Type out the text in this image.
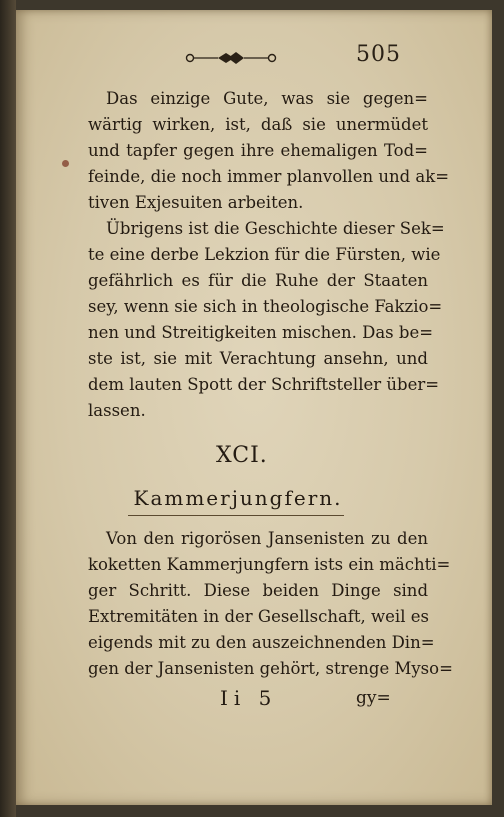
505
Das einzige Gute, was sie gegen=
wärtig wirken, ist, daß sie unermüdet
und tapfer gegen ihre ehemaligen Tod=
feinde, die noch immer planvollen und ak=
tiven Exjesuiten arbeiten.
Übrigens ist die Geschichte dieser Sek=
te eine derbe Lekzion für die Fürsten, wie
gefährlich es für die Ruhe der Staaten
sey, wenn sie sich in theologische Fakzio=
nen und Streitigkeiten mischen. Das be=
ste ist, sie mit Verachtung ansehn, und
dem lauten Spott der Schriftsteller über=
lassen.
XCI.
Kammerjungfern.
Von den rigorösen Jansenisten zu den
koketten Kammerjungfern ists ein mächti=
ger Schritt. Diese beiden Dinge sind
Extremitäten in der Gesellschaft, weil es
eigends mit zu den auszeichnenden Din=
gen der Jansenisten gehört, strenge Myso=
Ii 5	gy=
